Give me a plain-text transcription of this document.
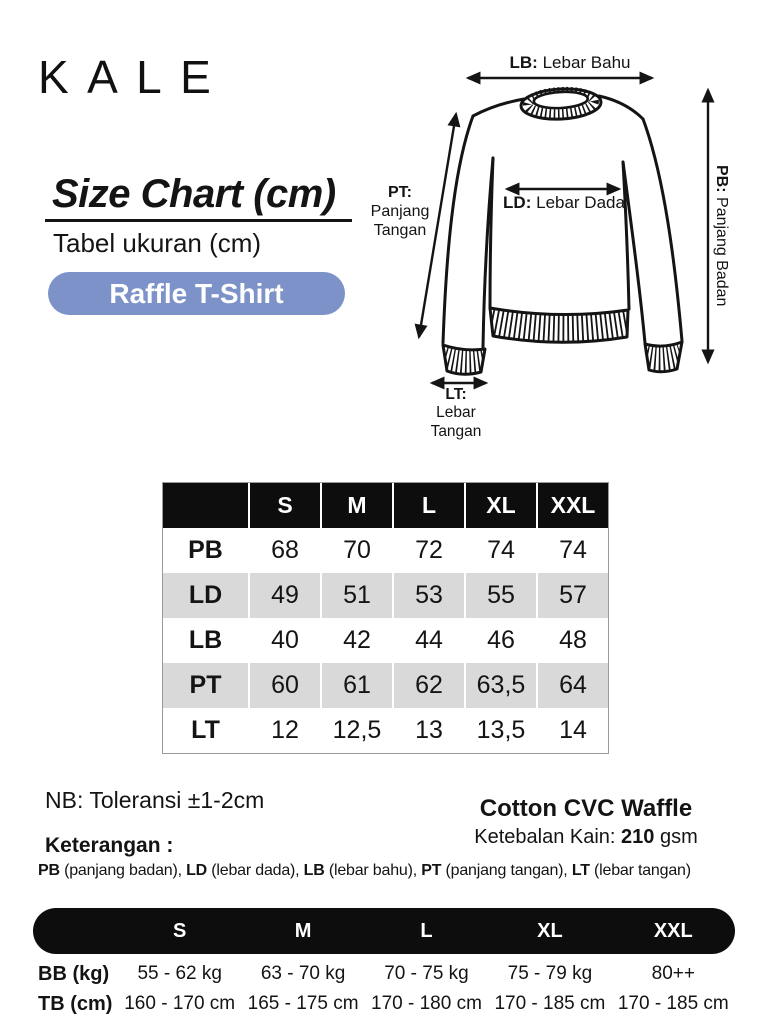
KALE
Size Chart (cm)
Tabel ukuran (cm)
Raffle T-Shirt
LB: Lebar Bahu
PT:
Panjang
Tangan
LD: Lebar Dada
PB: Panjang Badan
LT:
Lebar
Tangan
S	M	L	XL	XXL
PB	68	70	72	74	74
LD	49	51	53	55	57
LB	40	42	44	46	48
PT	60	61	62	63,5	64
LT	12	12,5	13	13,5	14
NB: Toleransi ±1-2cm	Cotton CVC Waffle
Ketebalan Kain: 210 gsm
Keterangan :
PB (panjang badan), LD (lebar dada), LB (lebar bahu), PT (panjang tangan), LT (lebar tangan)
S	M	L	XL	XXL
BB (kg)	55 - 62 kg	63 - 70 kg	70 - 75 kg	75 - 79 kg	80++
TB (cm) 160 - 170 cm 165 - 175 cm 170 - 180 cm 170 - 185 cm 170 - 185 cm
